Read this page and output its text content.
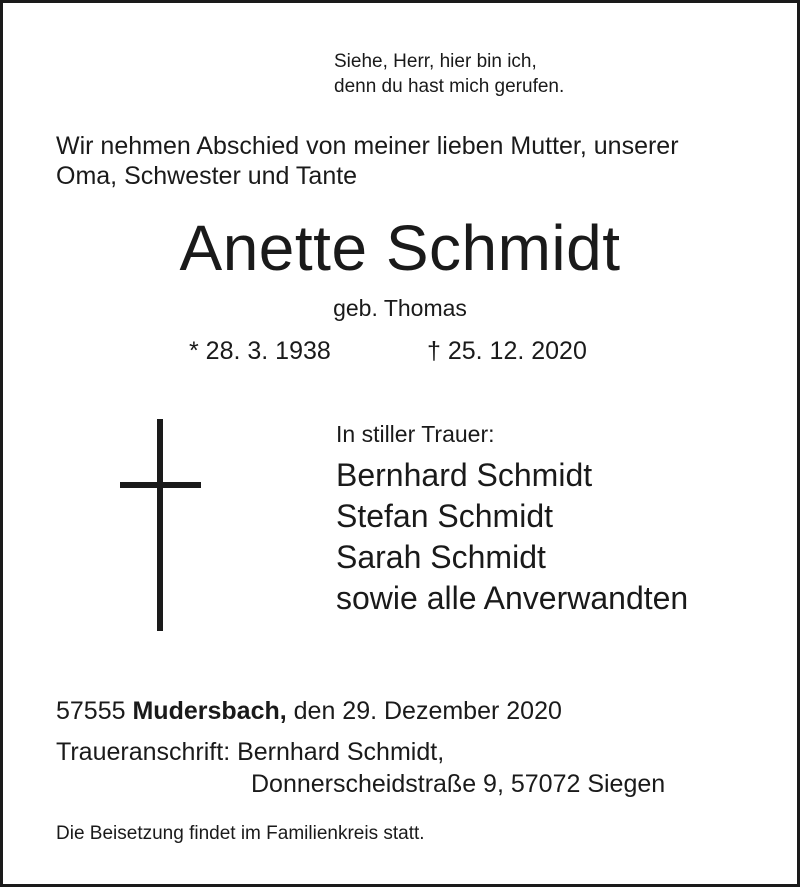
Siehe, Herr, hier bin ich,
denn du hast mich gerufen.
Wir nehmen Abschied von meiner lieben Mutter, unserer
Oma, Schwester und Tante
Anette Schmidt
geb. Thomas
* 28. 3. 1938	† 25. 12. 2020
In stiller Trauer:
Bernhard Schmidt
Stefan Schmidt
Sarah Schmidt
sowie alle Anverwandten
57555 Mudersbach, den 29. Dezember 2020
Traueranschrift: Bernhard Schmidt,
Donnerscheidstraße 9, 57072 Siegen
Die Beisetzung findet im Familienkreis statt.
